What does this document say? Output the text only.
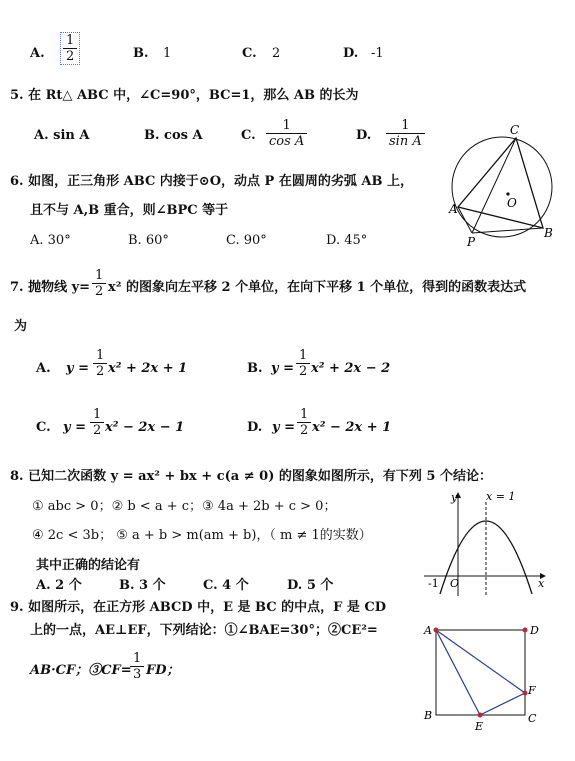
A.
1
2	B. 1	C. 2	D. -1
5. 在 Rt△ ABC 中，∠C=90°，BC=1，那么 AB 的长为
A. sin A	B. cos A	C.
1
cos A	D.
1
sin A
6. 如图，正三角形 ABC 内接于⊙O，动点 P 在圆周的劣弧 AB 上，
且不与 A,B 重合，则∠BPC 等于
A. 30°	B. 60°	C. 90°	D. 45°
C
O
A
B
P
7. 抛物线 y=
1
2 x² 的图象向左平移 2 个单位，在向下平移 1 个单位，得到的函数表达式
为
A. y =
1
2 x² + 2x + 1	B. y =
1
2 x² + 2x − 2
C. y =
1
2 x² − 2x − 1	D. y =
1
2 x² − 2x + 1
8. 已知二次函数 y = ax² + bx + c(a ≠ 0) 的图象如图所示，有下列 5 个结论：
① abc > 0；② b < a + c；③ 4a + 2b + c > 0；
④ 2c < 3b； ⑤ a + b > m(am + b)，（ m ≠ 1的实数）
其中正确的结论有
A. 2 个	B. 3 个	C. 4 个	D. 5 个
y
x
O
-1
x = 1
9. 如图所示，在正方形 ABCD 中，E 是 BC 的中点，F 是 CD
上的一点，AE⊥EF，下列结论：①∠BAE=30°；②CE²=
AB·CF；③CF=
1
3 FD；
A	D
F
B
E
C
